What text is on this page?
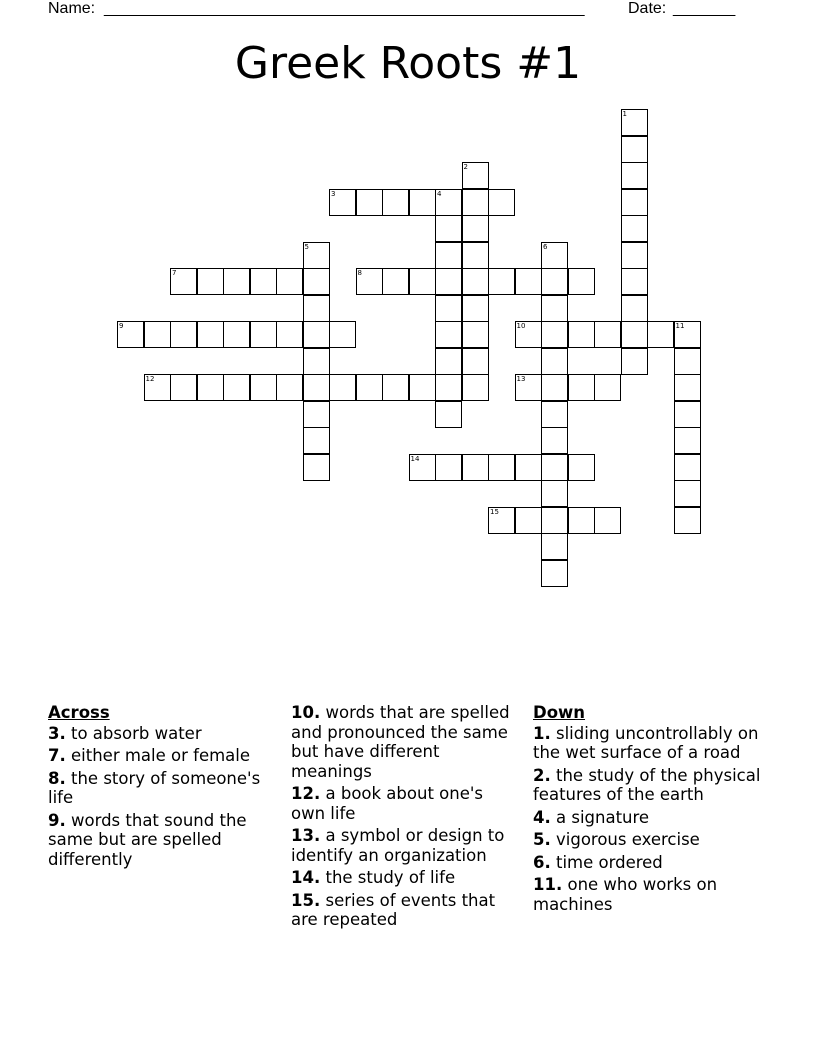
Name: ______________________________________________________	Date: _______
Greek Roots #1
1
2
3	4
5	6
7	8
9	10	11
12	13
14
15
Across
3. to absorb water
7. either male or female
8. the story of someone's life
9. words that sound the same but are spelled differently
10. words that are spelled and pronounced the same but have different meanings
12. a book about one's own life
13. a symbol or design to identify an organization
14. the study of life
15. series of events that are repeated
Down
1. sliding uncontrollably on the wet surface of a road
2. the study of the physical features of the earth
4. a signature
5. vigorous exercise
6. time ordered
11. one who works on machines
